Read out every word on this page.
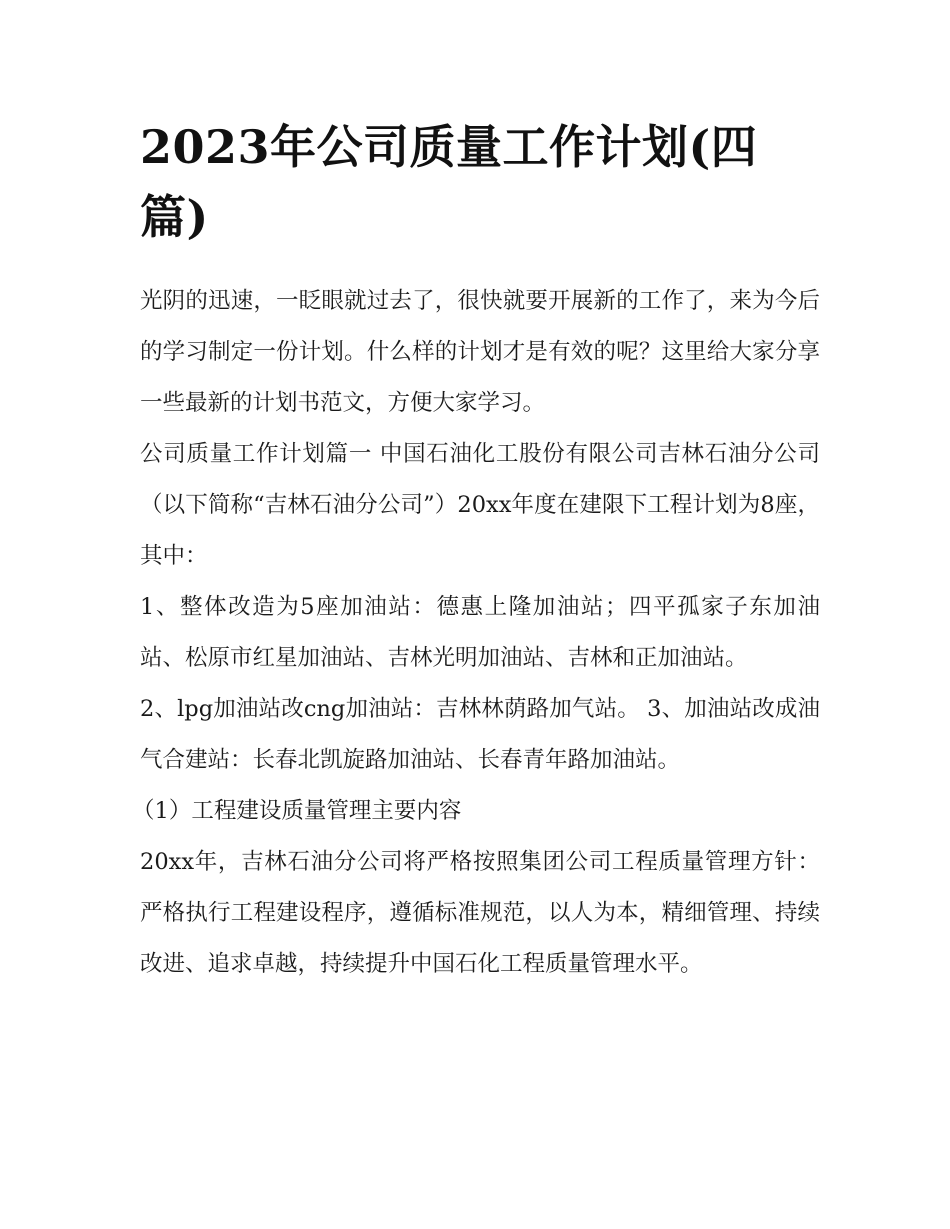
2023年公司质量工作计划(四篇)

光阴的迅速，一眨眼就过去了，很快就要开展新的工作了，来为今后的学习制定一份计划。什么样的计划才是有效的呢？这里给大家分享一些最新的计划书范文，方便大家学习。

公司质量工作计划篇一 中国石油化工股份有限公司吉林石油分公司（以下简称“吉林石油分公司”）20xx年度在建限下工程计划为8座，其中：

1、整体改造为5座加油站：德惠上隆加油站；四平孤家子东加油站、松原市红星加油站、吉林光明加油站、吉林和正加油站。

2、lpg加油站改cng加油站：吉林林荫路加气站。 3、加油站改成油气合建站：长春北凯旋路加油站、长春青年路加油站。

（1）工程建设质量管理主要内容

20xx年，吉林石油分公司将严格按照集团公司工程质量管理方针：严格执行工程建设程序，遵循标准规范，以人为本，精细管理、持续改进、追求卓越，持续提升中国石化工程质量管理水平。
